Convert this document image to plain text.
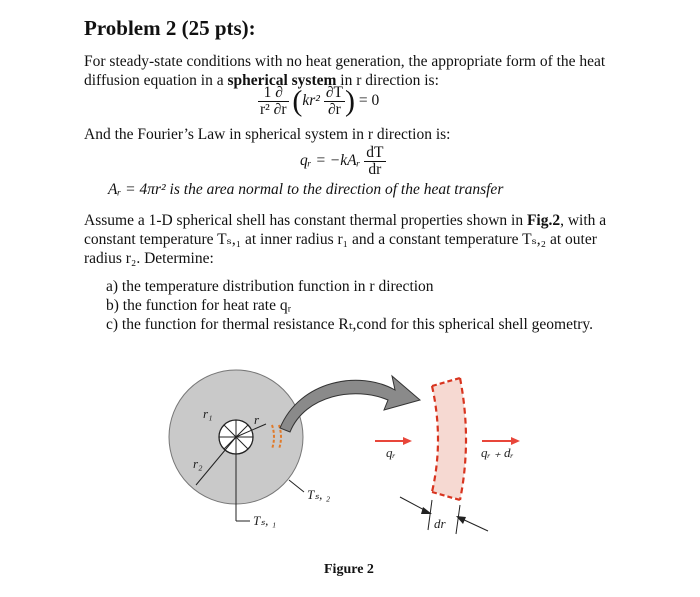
Problem 2 (25 pts):
For steady-state conditions with no heat generation, the appropriate form of the heat diffusion equation in a spherical system in r direction is:
$\frac{1 \partial}{\text{r² ∂r}} (kr^2 \frac{\partial T}{\partial r}$ ) = 0
And the Fourier’s Law in spherical system in r direction is:
qᵣ = −kAᵣ $\frac{dT}{dr}$
Aᵣ = 4πr² is the area normal to the direction of the heat transfer
Assume a 1-D spherical shell has constant thermal properties shown in Fig.2, with a constant temperature Tₛ,₁ at inner radius r₁ and a constant temperature Tₛ,₂ at outer radius r₂. Determine:
a) the temperature distribution function in r direction
b) the function for heat rate qᵣ
c) the function for thermal resistance Rₜ,cond for this spherical shell geometry.
r₁	r
r₂
Tₛ, ₂
Tₛ, ₁
qᵣ	qᵣ ₊ dᵣ
dr
Figure 2
